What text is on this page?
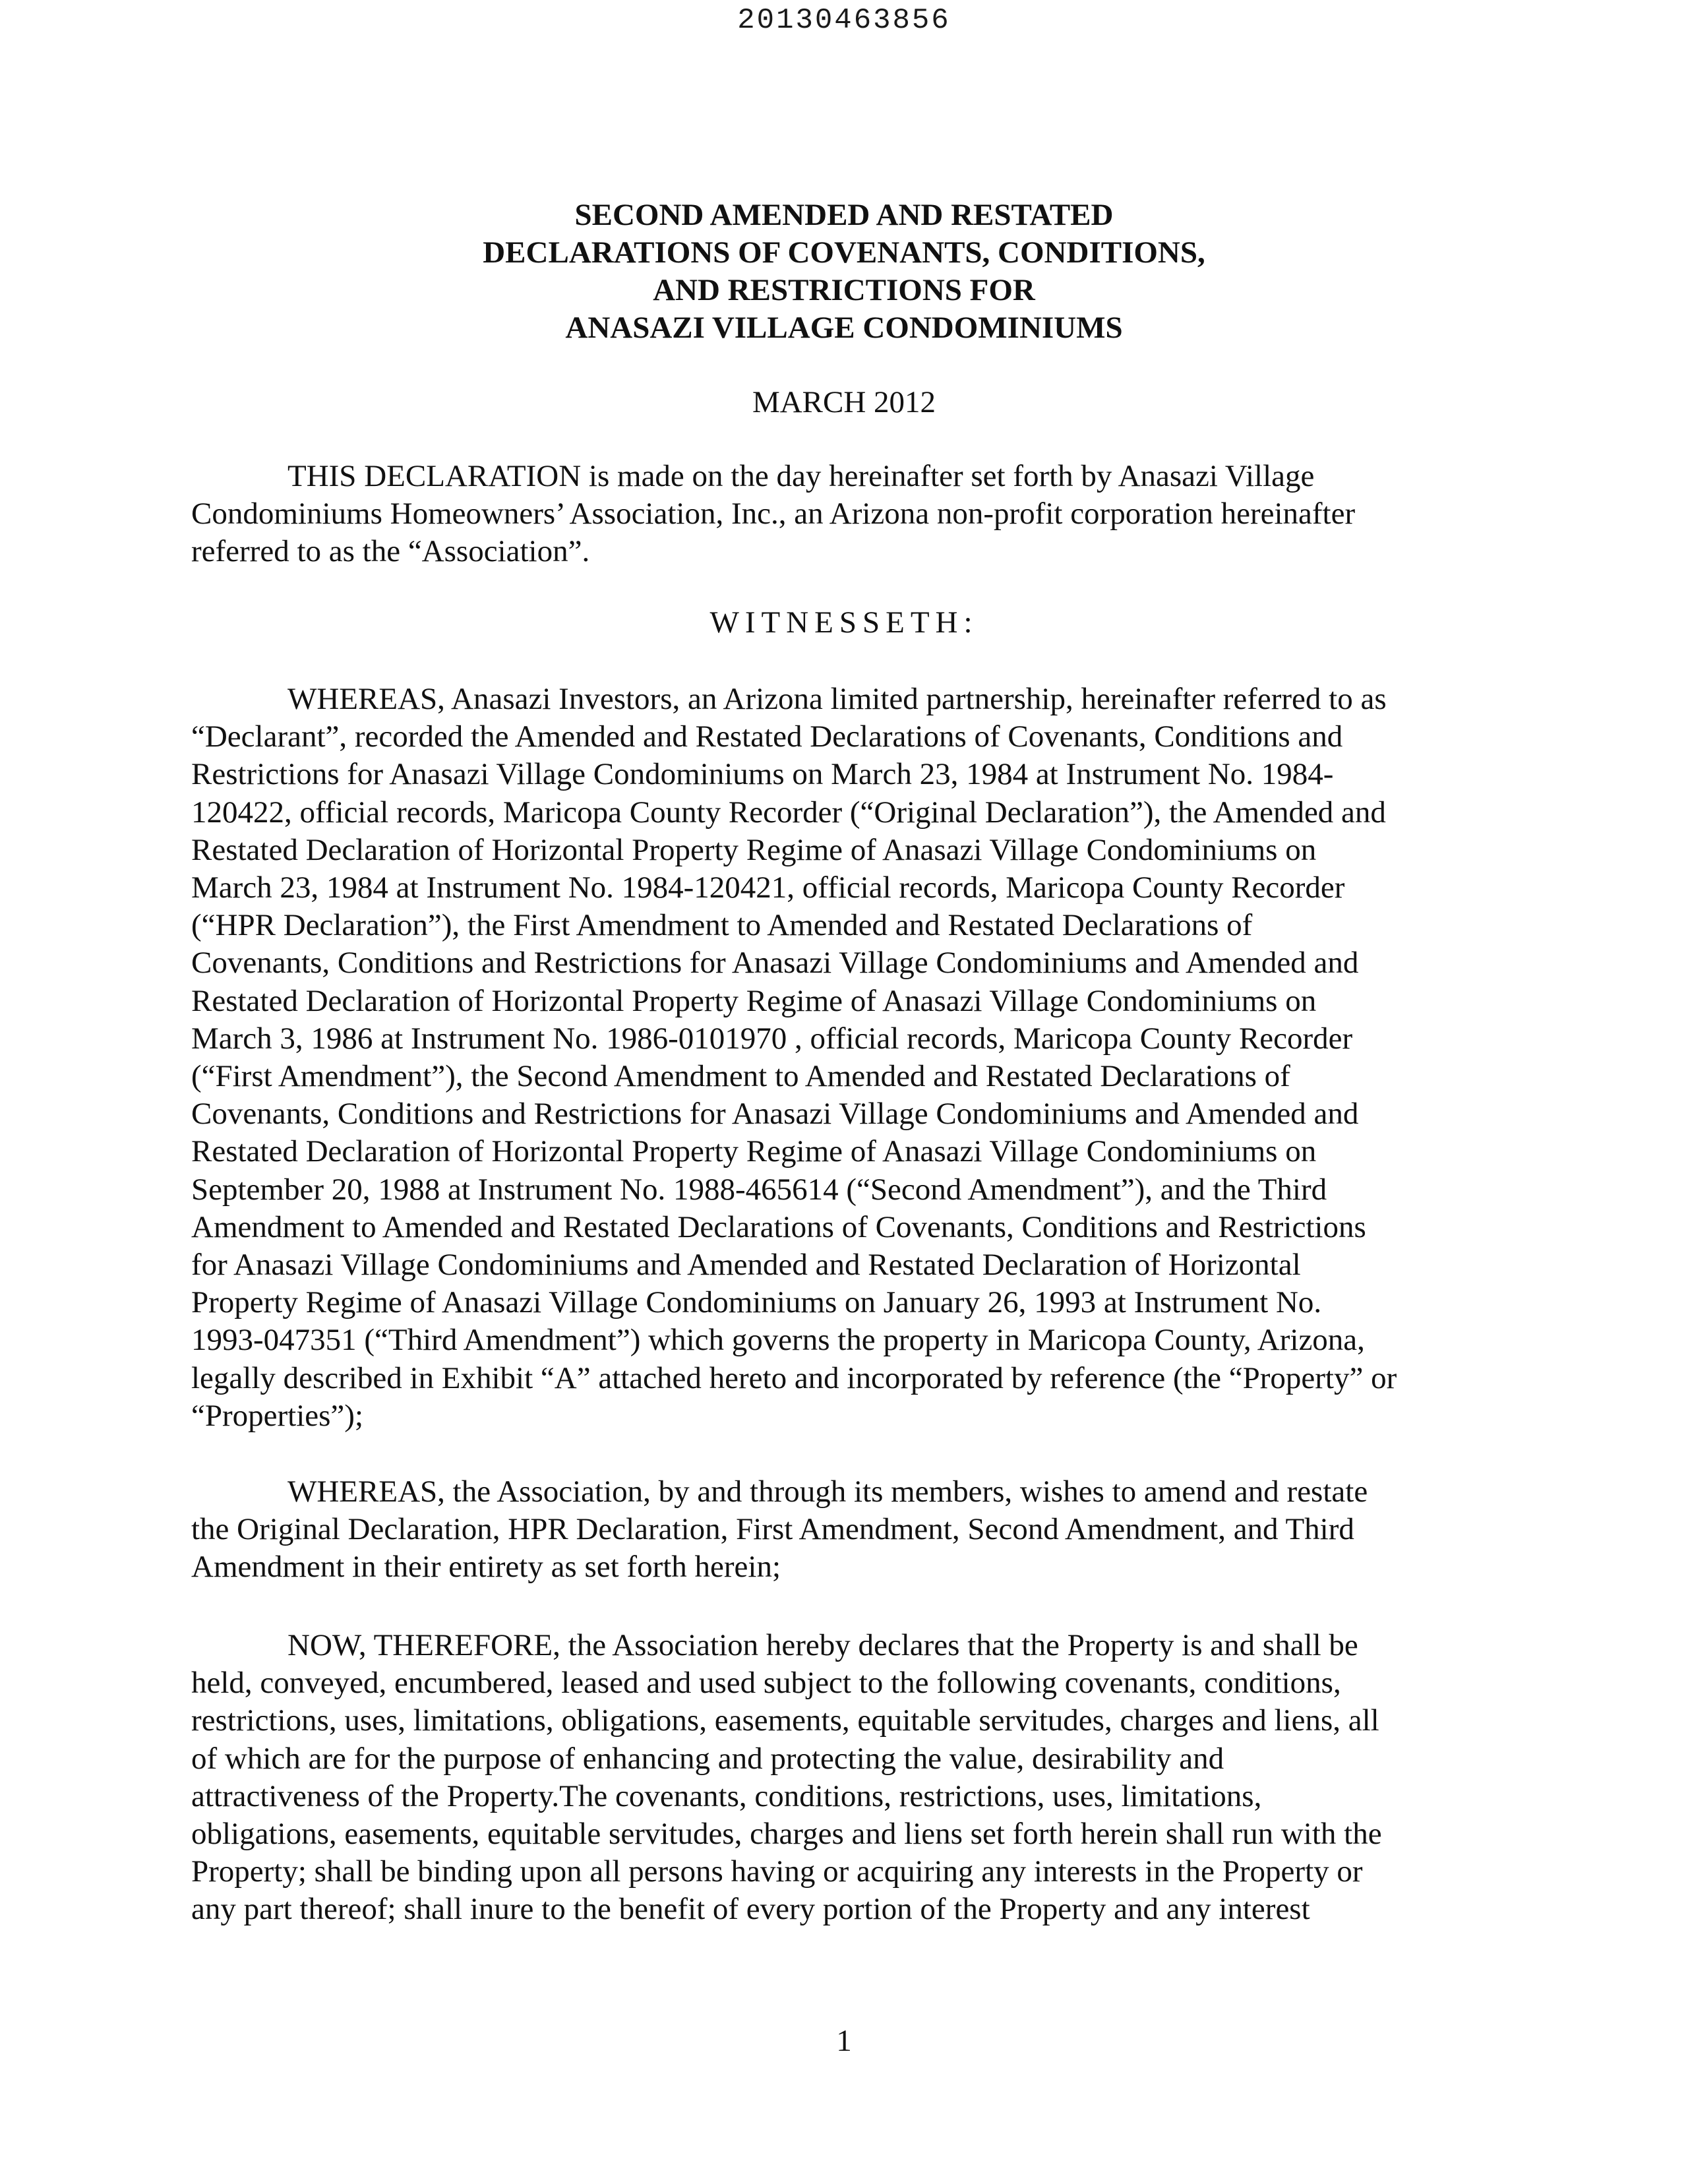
20130463856
SECOND AMENDED AND RESTATED
DECLARATIONS OF COVENANTS, CONDITIONS,
AND RESTRICTIONS FOR
ANASAZI VILLAGE CONDOMINIUMS
MARCH 2012

THIS DECLARATION is made on the day hereinafter set forth by Anasazi Village
Condominiums Homeowners’ Association, Inc., an Arizona non-profit corporation hereinafter
referred to as the “Association”.

WITNESSETH:

WHEREAS, Anasazi Investors, an Arizona limited partnership, hereinafter referred to as
“Declarant”, recorded the Amended and Restated Declarations of Covenants, Conditions and
Restrictions for Anasazi Village Condominiums on March 23, 1984 at Instrument No. 1984-
120422, official records, Maricopa County Recorder (“Original Declaration”), the Amended and
Restated Declaration of Horizontal Property Regime of Anasazi Village Condominiums on
March 23, 1984 at Instrument No. 1984-120421, official records, Maricopa County Recorder
(“HPR Declaration”), the First Amendment to Amended and Restated Declarations of
Covenants, Conditions and Restrictions for Anasazi Village Condominiums and Amended and
Restated Declaration of Horizontal Property Regime of Anasazi Village Condominiums on
March 3, 1986 at Instrument No. 1986-0101970 , official records, Maricopa County Recorder
(“First Amendment”), the Second Amendment to Amended and Restated Declarations of
Covenants, Conditions and Restrictions for Anasazi Village Condominiums and Amended and
Restated Declaration of Horizontal Property Regime of Anasazi Village Condominiums on
September 20, 1988 at Instrument No. 1988-465614 (“Second Amendment”), and the Third
Amendment to Amended and Restated Declarations of Covenants, Conditions and Restrictions
for Anasazi Village Condominiums and Amended and Restated Declaration of Horizontal
Property Regime of Anasazi Village Condominiums on January 26, 1993 at Instrument No.
1993-047351 (“Third Amendment”) which governs the property in Maricopa County, Arizona,
legally described in Exhibit “A” attached hereto and incorporated by reference (the “Property” or
“Properties”);

WHEREAS, the Association, by and through its members, wishes to amend and restate
the Original Declaration, HPR Declaration, First Amendment, Second Amendment, and Third
Amendment in their entirety as set forth herein;

NOW, THEREFORE, the Association hereby declares that the Property is and shall be
held, conveyed, encumbered, leased and used subject to the following covenants, conditions,
restrictions, uses, limitations, obligations, easements, equitable servitudes, charges and liens, all
of which are for the purpose of enhancing and protecting the value, desirability and
attractiveness of the Property.The covenants, conditions, restrictions, uses, limitations,
obligations, easements, equitable servitudes, charges and liens set forth herein shall run with the
Property; shall be binding upon all persons having or acquiring any interests in the Property or
any part thereof; shall inure to the benefit of every portion of the Property and any interest

1
